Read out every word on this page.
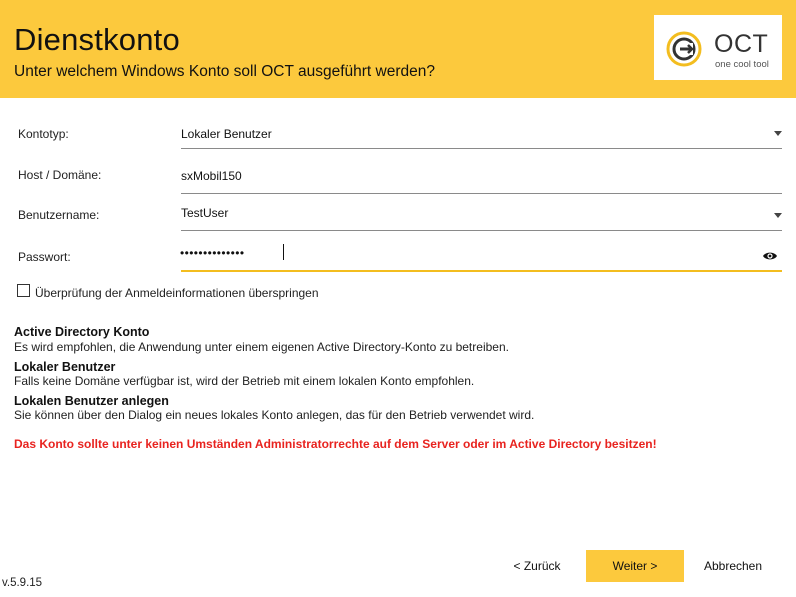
Dienstkonto
Unter welchem Windows Konto soll OCT ausgeführt werden?
OCT
one cool tool
Kontotyp:	Lokaler Benutzer
Host / Domäne:	sxMobil150
Benutzername:	TestUser
Passwort:	••••••••••••••
Überprüfung der Anmeldeinformationen überspringen
Active Directory Konto
Es wird empfohlen, die Anwendung unter einem eigenen Active Directory-Konto zu betreiben.
Lokaler Benutzer
Falls keine Domäne verfügbar ist, wird der Betrieb mit einem lokalen Konto empfohlen.
Lokalen Benutzer anlegen
Sie können über den Dialog ein neues lokales Konto anlegen, das für den Betrieb verwendet wird.
Das Konto sollte unter keinen Umständen Administratorrechte auf dem Server oder im Active Directory besitzen!
< Zurück	Weiter >	Abbrechen
v.5.9.15
